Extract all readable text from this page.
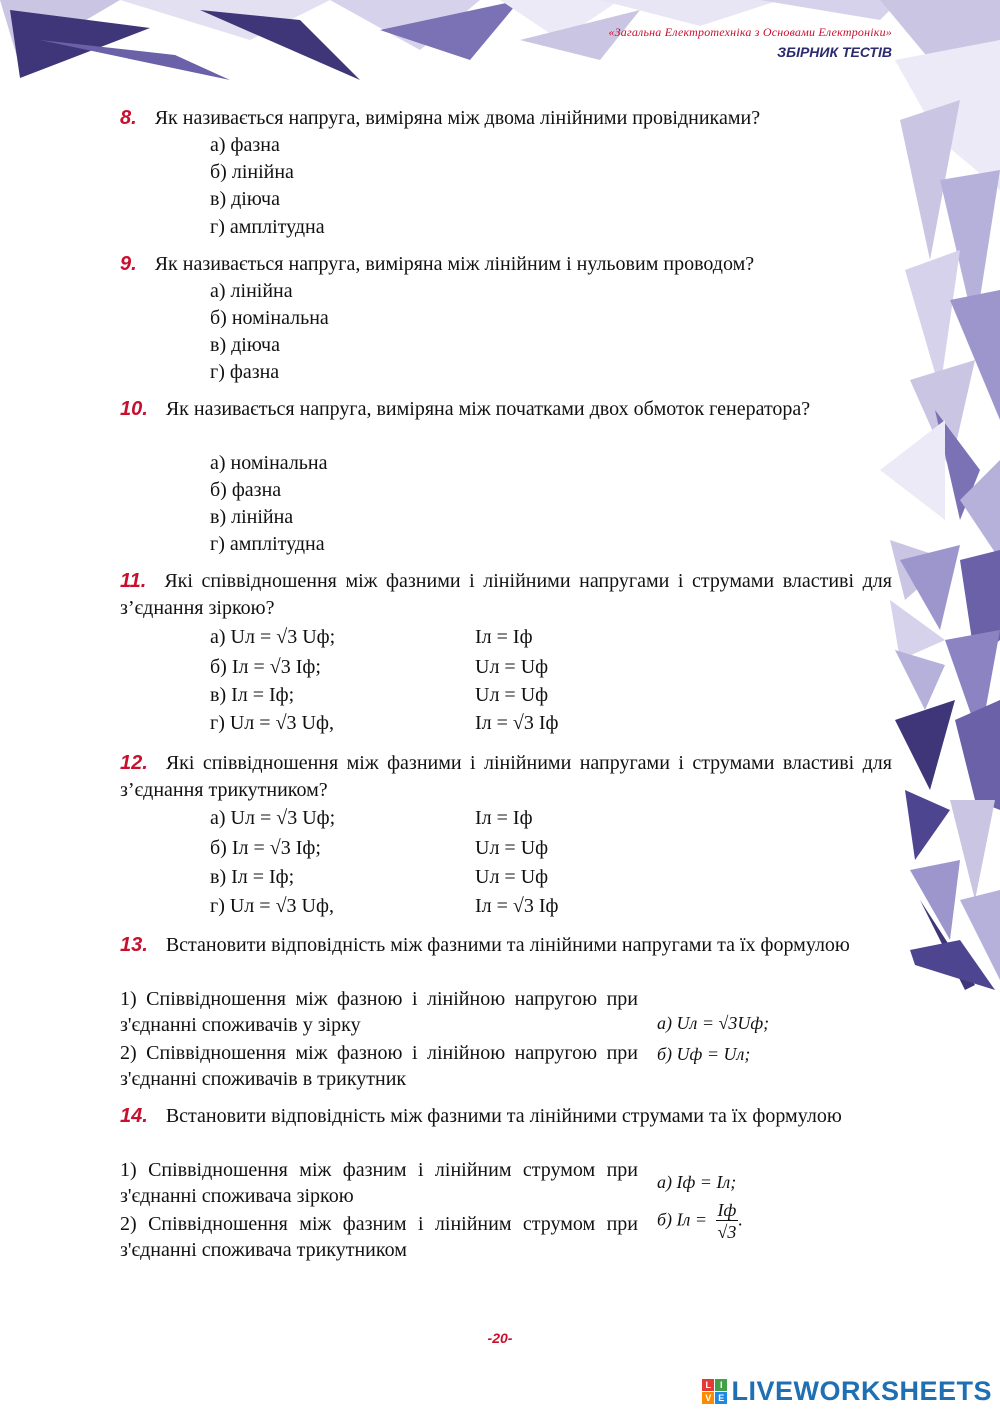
«Загальна Електротехніка з Основами Електроніки»
ЗБІРНИК ТЕСТІВ
8. Як називається напруга, виміряна між двома лінійними провідниками?
а) фазна
б) лінійна
в) діюча
г) амплітудна
9. Як називається напруга, виміряна між лінійним і нульовим проводом?
а) лінійна
б) номінальна
в) діюча
г) фазна
10. Як називається напруга, виміряна між початками двох обмоток генератора?
а) номінальна
б) фазна
в) лінійна
г) амплітудна
11. Які співвідношення між фазними і лінійними напругами і струмами властиві для з’єднання зіркою?
а) Uл = √3 Uф;	Iл = Iф
б) Iл = √3 Iф;	Uл = Uф
в) Iл = Iф;	Uл = Uф
г) Uл = √3 Uф,	Iл = √3 Iф
12. Які співвідношення між фазними і лінійними напругами і струмами властиві для з’єднання трикутником?
а) Uл = √3 Uф;	Iл = Iф
б) Iл = √3 Iф;	Uл = Uф
в) Iл = Iф;	Uл = Uф
г) Uл = √3 Uф,	Iл = √3 Iф
13. Встановити відповідність між фазними та лінійними напругами та їх формулою
1) Співвідношення між фазною і лінійною напругою при з'єднанні споживачів у зірку
2) Співвідношення між фазною і лінійною напругою при з'єднанні споживачів в трикутник
а) Uл = √3Uф;
б) Uф = Uл;
14. Встановити відповідність між фазними та лінійними струмами та їх формулою
1) Співвідношення між фазним і лінійним струмом при з'єднанні споживача зіркою
2) Співвідношення між фазним і лінійним струмом при з'єднанні споживача трикутником
а) Iф = Iл;
б) Iл = $\frac{Iф}{√3}$ .
-20-
L I
V E LIVEWORKSHEETS
